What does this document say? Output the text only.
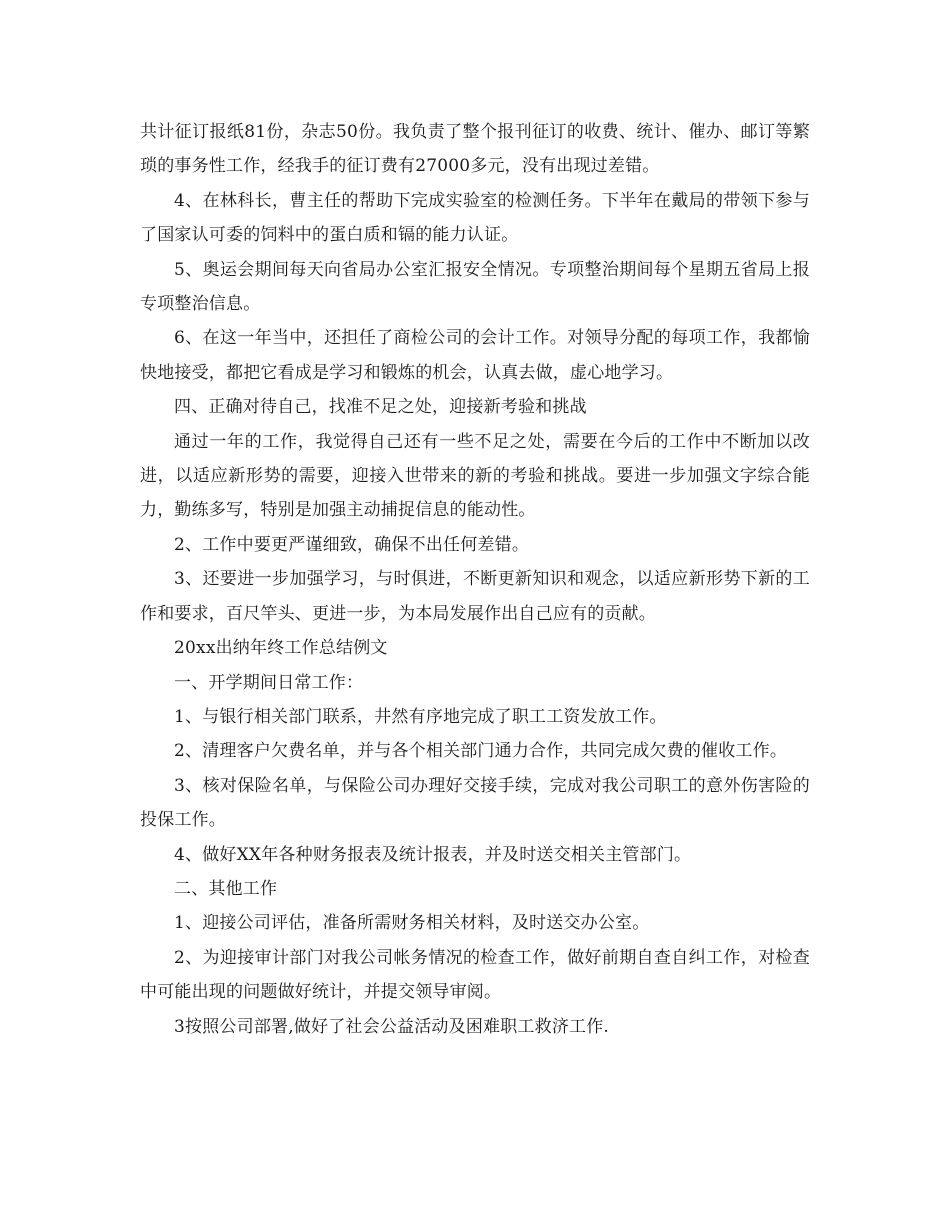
共计征订报纸81份，杂志50份。我负责了整个报刊征订的收费、统计、催办、邮订等繁琐的事务性工作，经我手的征订费有27000多元，没有出现过差错。

4、在林科长，曹主任的帮助下完成实验室的检测任务。下半年在戴局的带领下参与了国家认可委的饲料中的蛋白质和镉的能力认证。

5、奥运会期间每天向省局办公室汇报安全情况。专项整治期间每个星期五省局上报专项整治信息。

6、在这一年当中，还担任了商检公司的会计工作。对领导分配的每项工作，我都愉快地接受，都把它看成是学习和锻炼的机会，认真去做，虚心地学习。

四、正确对待自己，找准不足之处，迎接新考验和挑战

通过一年的工作，我觉得自己还有一些不足之处，需要在今后的工作中不断加以改进，以适应新形势的需要，迎接入世带来的新的考验和挑战。要进一步加强文字综合能力，勤练多写，特别是加强主动捕捉信息的能动性。

2、工作中要更严谨细致，确保不出任何差错。

3、还要进一步加强学习，与时俱进，不断更新知识和观念，以适应新形势下新的工作和要求，百尺竿头、更进一步，为本局发展作出自己应有的贡献。

20xx出纳年终工作总结例文

一、开学期间日常工作：

1、与银行相关部门联系，井然有序地完成了职工工资发放工作。

2、清理客户欠费名单，并与各个相关部门通力合作，共同完成欠费的催收工作。

3、核对保险名单，与保险公司办理好交接手续，完成对我公司职工的意外伤害险的投保工作。

4、做好XX年各种财务报表及统计报表，并及时送交相关主管部门。

二、其他工作

1、迎接公司评估，准备所需财务相关材料，及时送交办公室。

2、为迎接审计部门对我公司帐务情况的检查工作，做好前期自查自纠工作，对检查中可能出现的问题做好统计，并提交领导审阅。

3按照公司部署,做好了社会公益活动及困难职工救济工作.
